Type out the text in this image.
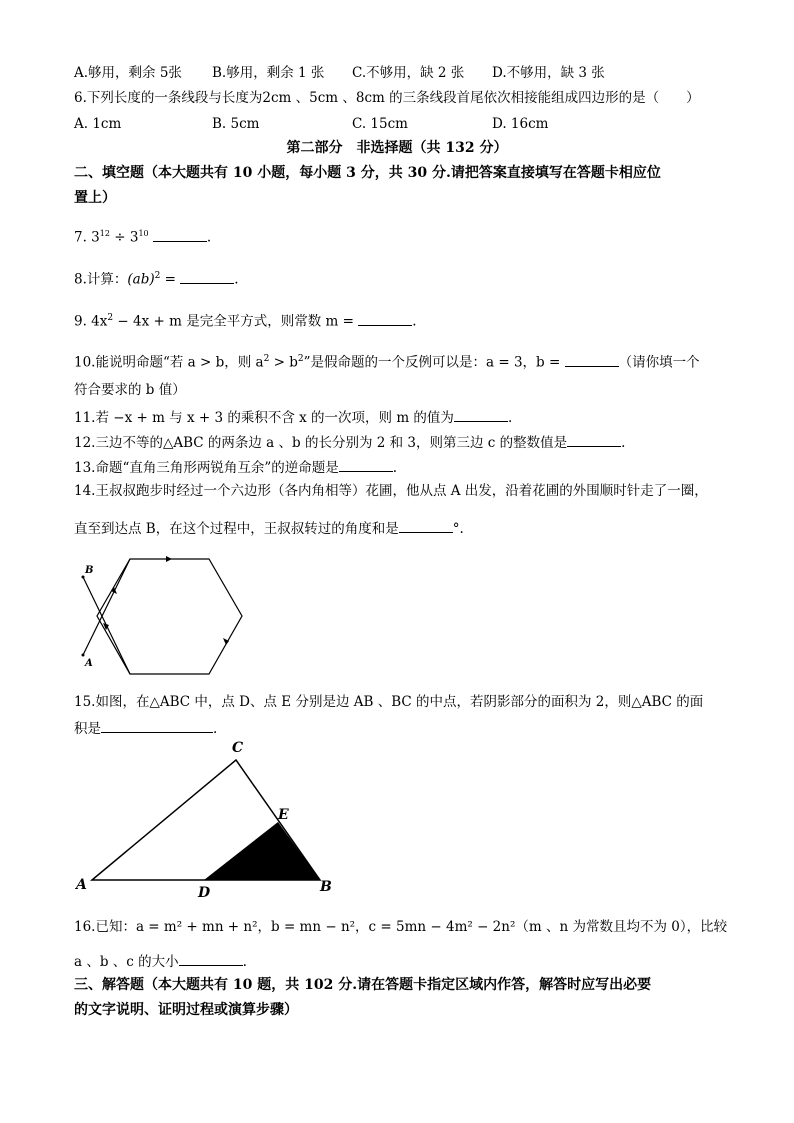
A.够用，剩余 5张 B.够用，剩余 1 张 C.不够用，缺 2 张 D.不够用，缺 3 张
6.下列长度的一条线段与长度为2cm 、5cm 、8cm 的三条线段首尾依次相接能组成四边形的是（　　）
A. 1cm	B. 5cm	C. 15cm	D. 16cm
第二部分　非选择题（共 132 分）
二、填空题（本大题共有 10 小题，每小题 3 分，共 30 分.请把答案直接填写在答题卡相应位
置上）
7. $3^{12} \div 3^{10}$	.
8.计算：(ab)$^2$ =	.
9. $4x^2 - 4x + m$ 是完全平方式，则常数 m =	.
10.能说明命题“若 a > b，则 $a^2 > b^2$”是假命题的一个反例可以是：a = 3，b =	（请你填一个
符合要求的 b 值）
11.若 −x + m 与 x + 3 的乘积不含 x 的一次项，则 m 的值为	.
12.三边不等的△ABC 的两条边 a 、b 的长分别为 2 和 3，则第三边 c 的整数值是	.
13.命题“直角三角形两锐角互余”的逆命题是	.
14.王叔叔跑步时经过一个六边形（各内角相等）花圃，他从点 A 出发，沿着花圃的外围顺时针走了一圈，
直至到达点 B，在这个过程中，王叔叔转过的角度和是	°.
B
A
15.如图，在△ABC 中，点 D、点 E 分别是边 AB 、BC 的中点，若阴影部分的面积为 2，则△ABC 的面
积是	.
C
E
A	D	B
16.已知：a = m² + mn + n²，b = mn − n²，c = 5mn − 4m² − 2n²（m 、n 为常数且均不为 0），比较
a 、b 、c 的大小	.
三、解答题（本大题共有 10 题，共 102 分.请在答题卡指定区域内作答，解答时应写出必要
的文字说明、证明过程或演算步骤）
